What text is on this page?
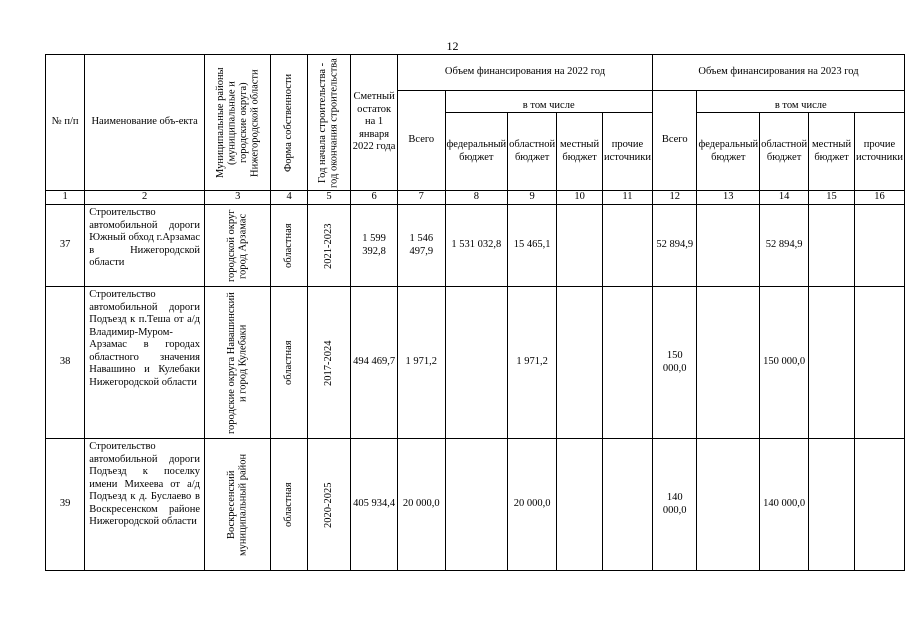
12
№ п/п	Наименование объ-екта	Муниципальные районы (муниципальные и городские округа) Нижегородской области	Форма собственности	Год начала строительства - год окончания строительства	Сметный остаток на 1 января 2022 года	Объем финансирования на 2022 год					Объем финансирования на 2023 год				
						Всего	в том числе				Всего	в том числе			
							федеральный бюджет	областной бюджет	местный бюджет	прочие источники		федеральный бюджет	областной бюджет	местный бюджет	прочие источники
1	2	3	4	5	6	7	8	9	10	11	12	13	14	15	16
37	Строительство автомобильной дороги Южный обход г.Арзамас в Нижегородской области	городской округ город Арзамас	областная	2021-2023	1 599 392,8	1 546 497,9	1 531 032,8	15 465,1			52 894,9		52 894,9		
38	Строительство автомобильной дороги Подъезд к п.Теша от а/д Владимир-Муром-Арзамас в городах областного значения Навашино и Кулебаки Нижегородской области	городские округа Навашинский и город Кулебаки	областная	2017-2024	494 469,7	1 971,2		1 971,2			150 000,0		150 000,0		
39	Строительство автомобильной дороги Подъезд к поселку имени Михеева от а/д Подъезд к д. Буслаево в Воскресенском районе Нижегородской области	Воскресенский муниципальный район	областная	2020-2025	405 934,4	20 000,0		20 000,0			140 000,0		140 000,0		
